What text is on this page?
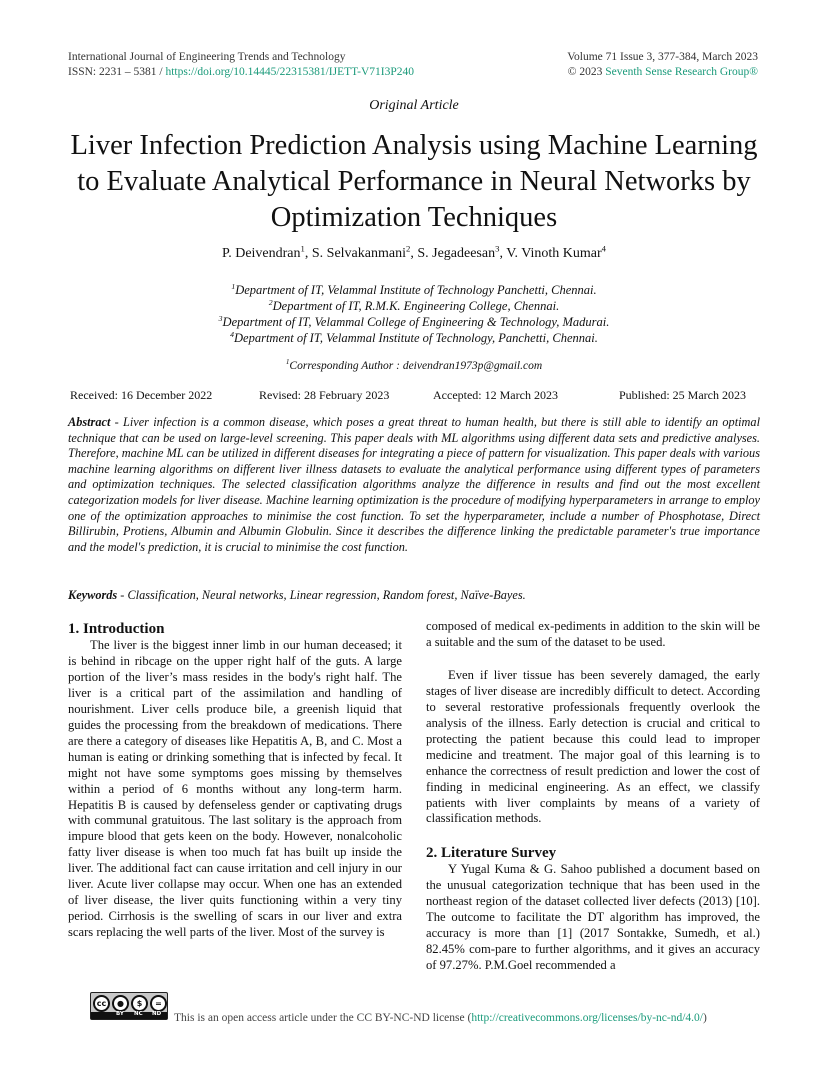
International Journal of Engineering Trends and Technology
ISSN: 2231 – 5381 / https://doi.org/10.14445/22315381/IJETT-V71I3P240
Volume 71 Issue 3, 377-384, March 2023
© 2023 Seventh Sense Research Group®
Original Article
Liver Infection Prediction Analysis using Machine Learning to Evaluate Analytical Performance in Neural Networks by Optimization Techniques
P. Deivendran$^1$, S. Selvakanmani$^2$, S. Jegadeesan$^3$, V. Vinoth Kumar$^4$
$^1$Department of IT, Velammal Institute of Technology Panchetti, Chennai.
$^2$Department of IT, R.M.K. Engineering College, Chennai.
$^3$Department of IT, Velammal College of Engineering & Technology, Madurai.
$^4$Department of IT, Velammal Institute of Technology, Panchetti, Chennai.
$^1$Corresponding Author : deivendran1973p@gmail.com
Received: 16 December 2022	Revised: 28 February 2023	Accepted: 12 March 2023	Published: 25 March 2023
Abstract - Liver infection is a common disease, which poses a great threat to human health, but there is still able to identify an optimal technique that can be used on large-level screening. This paper deals with ML algorithms using different data sets and predictive analyses. Therefore, machine ML can be utilized in different diseases for integrating a piece of pattern for visualization. This paper deals with various machine learning algorithms on different liver illness datasets to evaluate the analytical performance using different types of parameters and optimization techniques. The selected classification algorithms analyze the difference in results and find out the most excellent categorization models for liver disease. Machine learning optimization is the procedure of modifying hyperparameters in arrange to employ one of the optimization approaches to minimise the cost function. To set the hyperparameter, include a number of Phosphotase, Direct Billirubin, Protiens, Albumin and Albumin Globulin. Since it describes the difference linking the predictable parameter's true importance and the model's prediction, it is crucial to minimise the cost function.
Keywords - Classification, Neural networks, Linear regression, Random forest, Naïve-Bayes.
1. Introduction

The liver is the biggest inner limb in our human deceased; it is behind in ribcage on the upper right half of the guts. A large portion of the liver’s mass resides in the body's right half. The liver is a critical part of the assimilation and handling of nourishment. Liver cells produce bile, a greenish liquid that guides the processing from the breakdown of medications. There are there a category of diseases like Hepatitis A, B, and C. Most a human is eating or drinking something that is infected by fecal. It might not have some symptoms goes missing by themselves within a period of 6 months without any long-term harm. Hepatitis B is caused by defenseless gender or captivating drugs with communal gratuitous. The last solitary is the approach from impure blood that gets keen on the body. However, nonalcoholic fatty liver disease is when too much fat has built up inside the liver. The additional fact can cause irritation and cell injury in our liver. Acute liver collapse may occur. When one has an extended of liver disease, the liver quits functioning within a very tiny period. Cirrhosis is the swelling of scars in our liver and extra scars replacing the well parts of the liver. Most of the survey is

composed of medical ex-pediments in addition to the skin will be a suitable and the sum of the dataset to be used.

Even if liver tissue has been severely damaged, the early stages of liver disease are incredibly difficult to detect. According to several restorative professionals frequently overlook the analysis of the illness. Early detection is crucial and critical to protecting the patient because this could lead to improper medicine and treatment. The major goal of this learning is to enhance the correctness of result prediction and lower the cost of finding in medicinal engineering. As an effect, we classify patients with liver complaints by means of a variety of classification methods.

2. Literature Survey

Y Yugal Kuma & G. Sahoo published a document based on the unusual categorization technique that has been used in the northeast region of the dataset collected liver defects (2013) [10]. The outcome to facilitate the DT algorithm has improved, the accuracy is more than [1] (2017 Sontakke, Sumedh, et al.) 82.45% com-pare to further algorithms, and it gives an accuracy of 97.27%. P.M.Goel recommended a

cc	●	$	=
BY NC ND This is an open access article under the CC BY-NC-ND license (http://creativecommons.org/licenses/by-nc-nd/4.0/)
